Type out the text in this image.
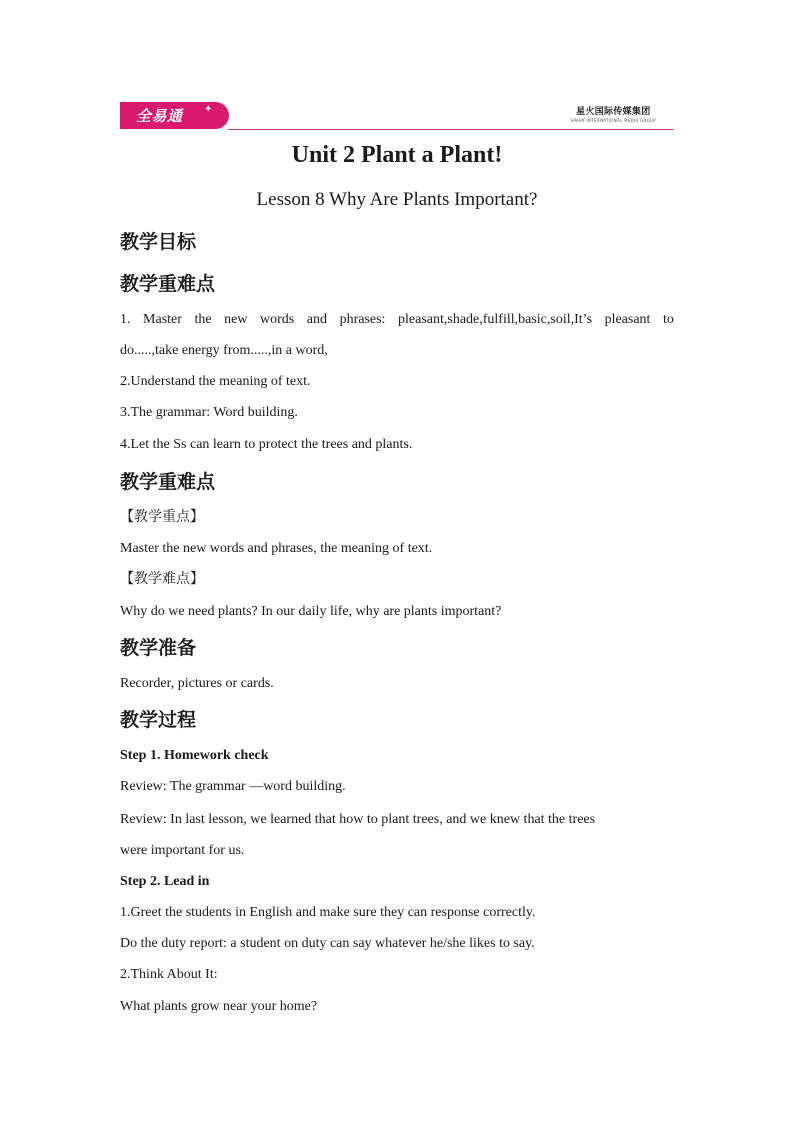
全易通 ✦	星火国际传媒集团
SPARK INTERNATIONAL MEDIA GROUP
Unit 2 Plant a Plant!
Lesson 8 Why Are Plants Important?
教学目标
教学重难点
1. Master the new words and phrases: pleasant,shade,fulfill,basic,soil,It’s pleasant to
do.....,take energy from.....,in a word,
2.Understand the meaning of text.
3.The grammar: Word building.
4.Let the Ss can learn to protect the trees and plants.
教学重难点
【教学重点】
Master the new words and phrases, the meaning of text.
【教学难点】
Why do we need plants? In our daily life, why are plants important?
教学准备
Recorder, pictures or cards.
教学过程
Step 1. Homework check
Review: The grammar —word building.
Review: In last lesson, we learned that how to plant trees, and we knew that the trees
were important for us.
Step 2. Lead in
1.Greet the students in English and make sure they can response correctly.
Do the duty report: a student on duty can say whatever he/she likes to say.
2.Think About It:
What plants grow near your home?
